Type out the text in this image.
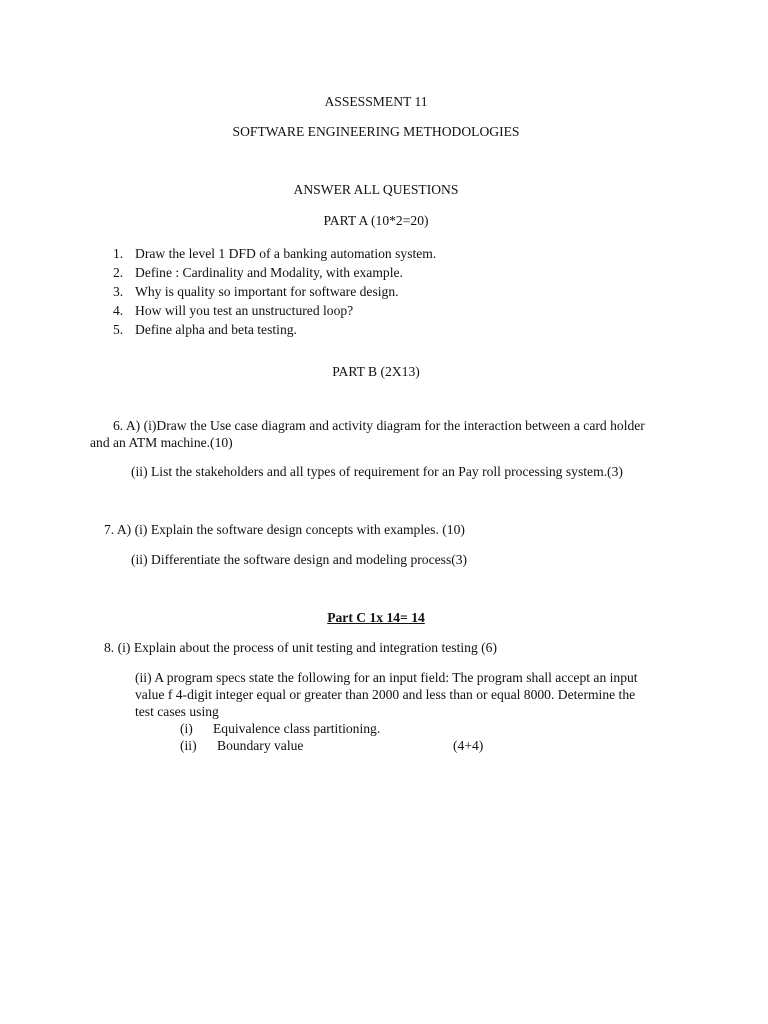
ASSESSMENT 11
SOFTWARE ENGINEERING METHODOLOGIES
ANSWER ALL QUESTIONS
PART A (10*2=20)
1. Draw the level 1 DFD of a banking automation system.
2. Define : Cardinality and Modality, with example.
3. Why is quality so important for software design.
4. How will you test an unstructured loop?
5. Define alpha and beta testing.
PART B (2X13)
6. A) (i)Draw the Use case diagram and activity diagram for the interaction between a card holder
and an ATM machine.(10)
(ii) List the stakeholders and all types of requirement for an Pay roll processing system.(3)
7. A) (i) Explain the software design concepts with examples. (10)
(ii) Differentiate the software design and modeling process(3)
Part C 1x 14= 14
8. (i) Explain about the process of unit testing and integration testing (6)
(ii) A program specs state the following for an input field: The program shall accept an input
value f 4-digit integer equal or greater than 2000 and less than or equal 8000. Determine the
test cases using
(i) Equivalence class partitioning.
(ii) Boundary value	(4+4)
